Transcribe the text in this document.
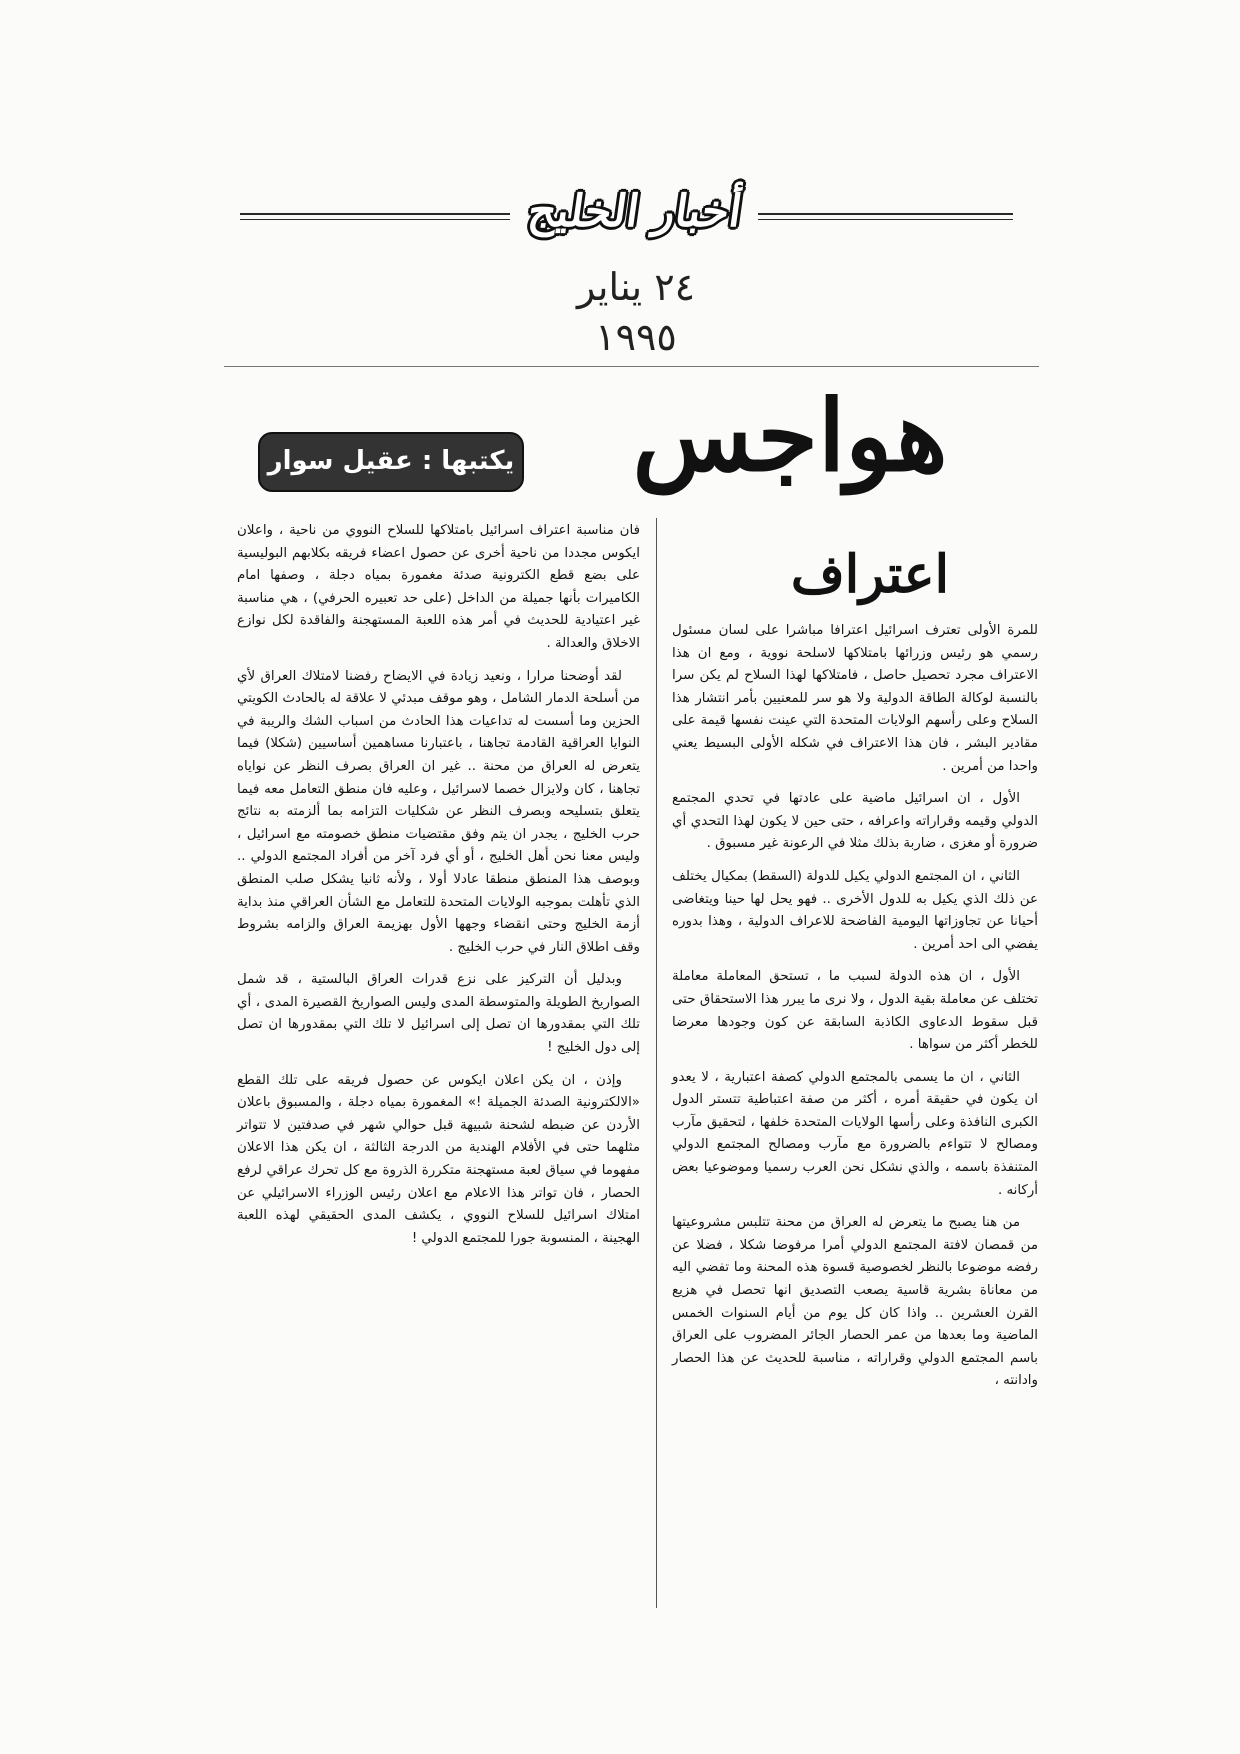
أخبار الخليج
٢٤ يناير ١٩٩٥
هواجس
يكتبها : عقيل سوار
اعتراف

للمرة الأولى تعترف اسرائيل اعترافا مباشرا على لسان مسئول رسمي هو رئيس وزرائها بامتلاكها لاسلحة نووية ، ومع ان هذا الاعتراف مجرد تحصيل حاصل ، فامتلاكها لهذا السلاح لم يكن سرا بالنسبة لوكالة الطاقة الدولية ولا هو سر للمعنيين بأمر انتشار هذا السلاح وعلى رأسهم الولايات المتحدة التي عينت نفسها قيمة على مقادير البشر ، فان هذا الاعتراف في شكله الأولى البسيط يعني واحدا من أمرين .

الأول ، ان اسرائيل ماضية على عادتها في تحدي المجتمع الدولي وقيمه وقراراته واعرافه ، حتى حين لا يكون لهذا التحدي أي ضرورة أو مغزى ، ضاربة بذلك مثلا في الرعونة غير مسبوق .

الثاني ، ان المجتمع الدولي يكيل للدولة (السقط) بمكيال يختلف عن ذلك الذي يكيل به للدول الأخرى .. فهو يحل لها حينا ويتغاضى أحيانا عن تجاوزاتها اليومية الفاضحة للاعراف الدولية ، وهذا بدوره يفضي الى احد أمرين .

الأول ، ان هذه الدولة لسبب ما ، تستحق المعاملة معاملة تختلف عن معاملة بقية الدول ، ولا نرى ما يبرر هذا الاستحقاق حتى قبل سقوط الدعاوى الكاذبة السابقة عن كون وجودها معرضا للخطر أكثر من سواها .

الثاني ، ان ما يسمى بالمجتمع الدولي كصفة اعتبارية ، لا يعدو ان يكون في حقيقة أمره ، أكثر من صفة اعتباطية تتستر الدول الكبرى النافذة وعلى رأسها الولايات المتحدة خلفها ، لتحقيق مآرب ومصالح لا تتواءم بالضرورة مع مآرب ومصالح المجتمع الدولي المتنفذة باسمه ، والذي نشكل نحن العرب رسميا وموضوعيا بعض أركانه .

من هنا يصبح ما يتعرض له العراق من محنة تتلبس مشروعيتها من قمصان لافتة المجتمع الدولي أمرا مرفوضا شكلا ، فضلا عن رفضه موضوعا بالنظر لخصوصية قسوة هذه المحنة وما تفضي اليه من معاناة بشرية قاسية يصعب التصديق انها تحصل في هزيع القرن العشرين .. واذا كان كل يوم من أيام السنوات الخمس الماضية وما بعدها من عمر الحصار الجائر المضروب على العراق باسم المجتمع الدولي وقراراته ، مناسبة للحديث عن هذا الحصار وادانته ،

فان مناسبة اعتراف اسرائيل بامتلاكها للسلاح النووي من ناحية ، واعلان ايكوس مجددا من ناحية أخرى عن حصول اعضاء فريقه بكلابهم البوليسية على بضع قطع الكترونية صدئة مغمورة بمياه دجلة ، وصفها امام الكاميرات بأنها جميلة من الداخل (على حد تعبيره الحرفي) ، هي مناسبة غير اعتيادية للحديث في أمر هذه اللعبة المستهجنة والفاقدة لكل نوازع الاخلاق والعدالة .

لقد أوضحنا مرارا ، ونعيد زيادة في الايضاح رفضنا لامتلاك العراق لأي من أسلحة الدمار الشامل ، وهو موقف مبدئي لا علاقة له بالحادث الكويتي الحزين وما أسست له تداعيات هذا الحادث من اسباب الشك والريبة في النوايا العراقية القادمة تجاهنا ، باعتبارنا مساهمين أساسيين (شكلا) فيما يتعرض له العراق من محنة .. غير ان العراق بصرف النظر عن نواياه تجاهنا ، كان ولايزال خصما لاسرائيل ، وعليه فان منطق التعامل معه فيما يتعلق بتسليحه وبصرف النظر عن شكليات التزامه بما ألزمته به نتائج حرب الخليج ، يجدر ان يتم وفق مقتضيات منطق خصومته مع اسرائيل ، وليس معنا نحن أهل الخليج ، أو أي فرد آخر من أفراد المجتمع الدولي .. وبوصف هذا المنطق منطقا عادلا أولا ، ولأنه ثانيا يشكل صلب المنطق الذي تأهلت بموجبه الولايات المتحدة للتعامل مع الشأن العراقي منذ بداية أزمة الخليج وحتى انقضاء وجهها الأول بهزيمة العراق والزامه بشروط وقف اطلاق النار في حرب الخليج .

وبدليل أن التركيز على نزع قدرات العراق البالستية ، قد شمل الصواريخ الطويلة والمتوسطة المدى وليس الصواريخ القصيرة المدى ، أي تلك التي بمقدورها ان تصل إلى اسرائيل لا تلك التي بمقدورها ان تصل إلى دول الخليج !

وإذن ، ان يكن اعلان ايكوس عن حصول فريقه على تلك القطع «الالكترونية الصدئة الجميلة !» المغمورة بمياه دجلة ، والمسبوق باعلان الأردن عن ضبطه لشحنة شبيهة قبل حوالي شهر في صدفتين لا تتواتر مثلهما حتى في الأفلام الهندية من الدرجة الثالثة ، ان يكن هذا الاعلان مفهوما في سياق لعبة مستهجنة متكررة الذروة مع كل تحرك عراقي لرفع الحصار ، فان تواتر هذا الاعلام مع اعلان رئيس الوزراء الاسرائيلي عن امتلاك اسرائيل للسلاح النووي ، يكشف المدى الحقيقي لهذه اللعبة الهجينة ، المنسوبة جورا للمجتمع الدولي !
